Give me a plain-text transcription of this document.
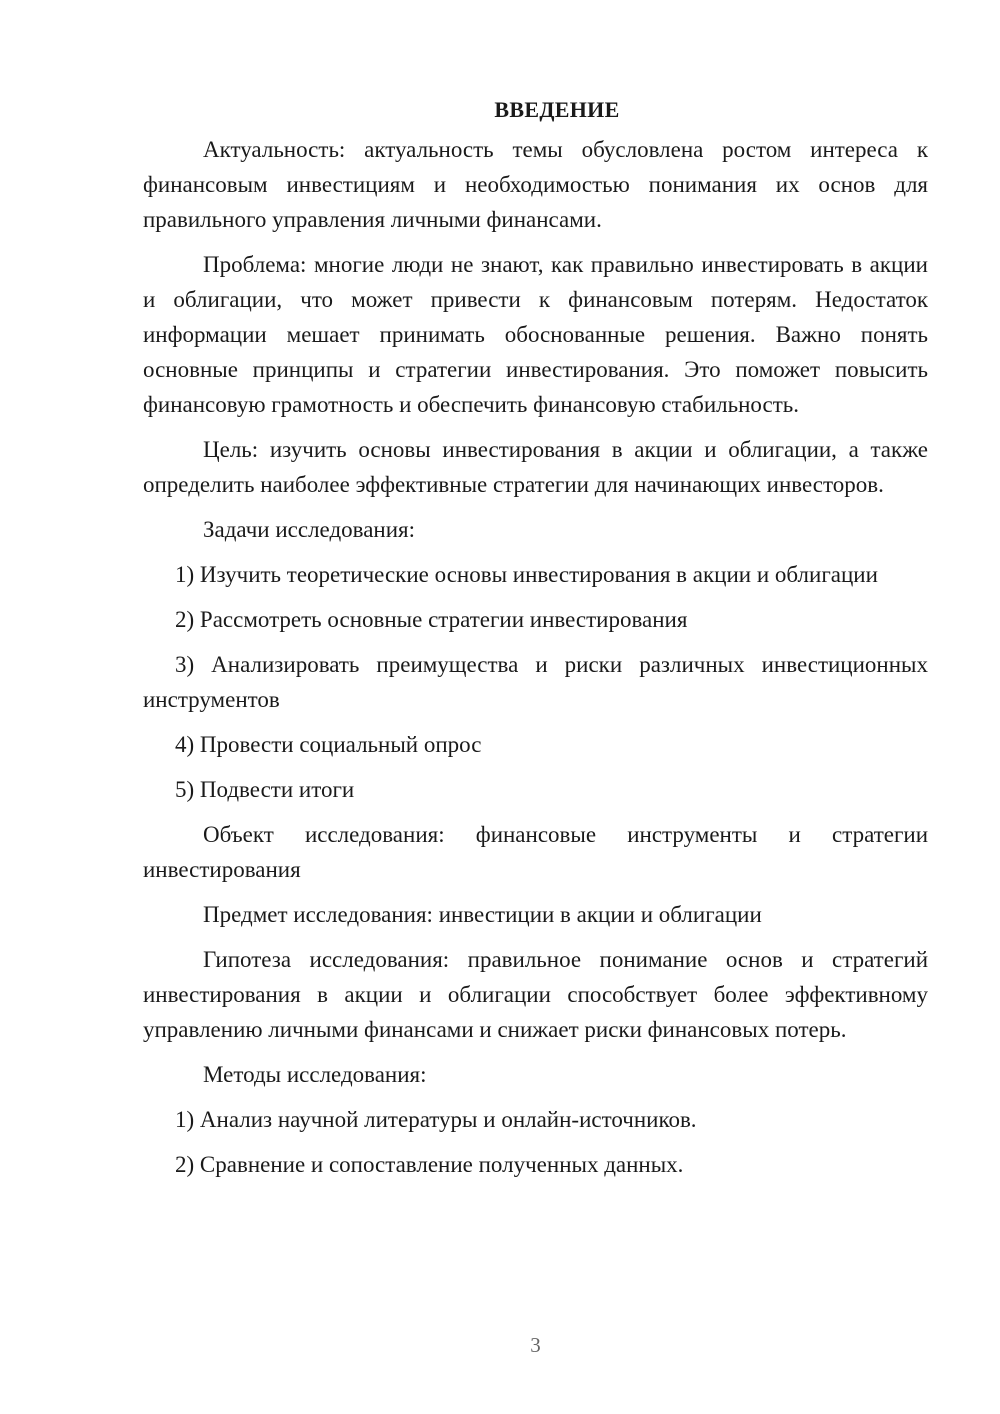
ВВЕДЕНИЕ
Актуальность: актуальность темы обусловлена ростом интереса к финансовым инвестициям и необходимостью понимания их основ для правильного управления личными финансами.
Проблема: многие люди не знают, как правильно инвестировать в акции и облигации, что может привести к финансовым потерям. Недостаток информации мешает принимать обоснованные решения. Важно понять основные принципы и стратегии инвестирования. Это поможет повысить финансовую грамотность и обеспечить финансовую стабильность.
Цель: изучить основы инвестирования в акции и облигации, а также определить наиболее эффективные стратегии для начинающих инвесторов.
Задачи исследования:
1) Изучить теоретические основы инвестирования в акции и облигации
2) Рассмотреть основные стратегии инвестирования
3) Анализировать преимущества и риски различных инвестиционных инструментов
4) Провести социальный опрос
5) Подвести итоги
Объект исследования: финансовые инструменты и стратегии инвестирования
Предмет исследования: инвестиции в акции и облигации
Гипотеза исследования: правильное понимание основ и стратегий инвестирования в акции и облигации способствует более эффективному управлению личными финансами и снижает риски финансовых потерь.
Методы исследования:
1) Анализ научной литературы и онлайн-источников.
2) Сравнение и сопоставление полученных данных.
3
